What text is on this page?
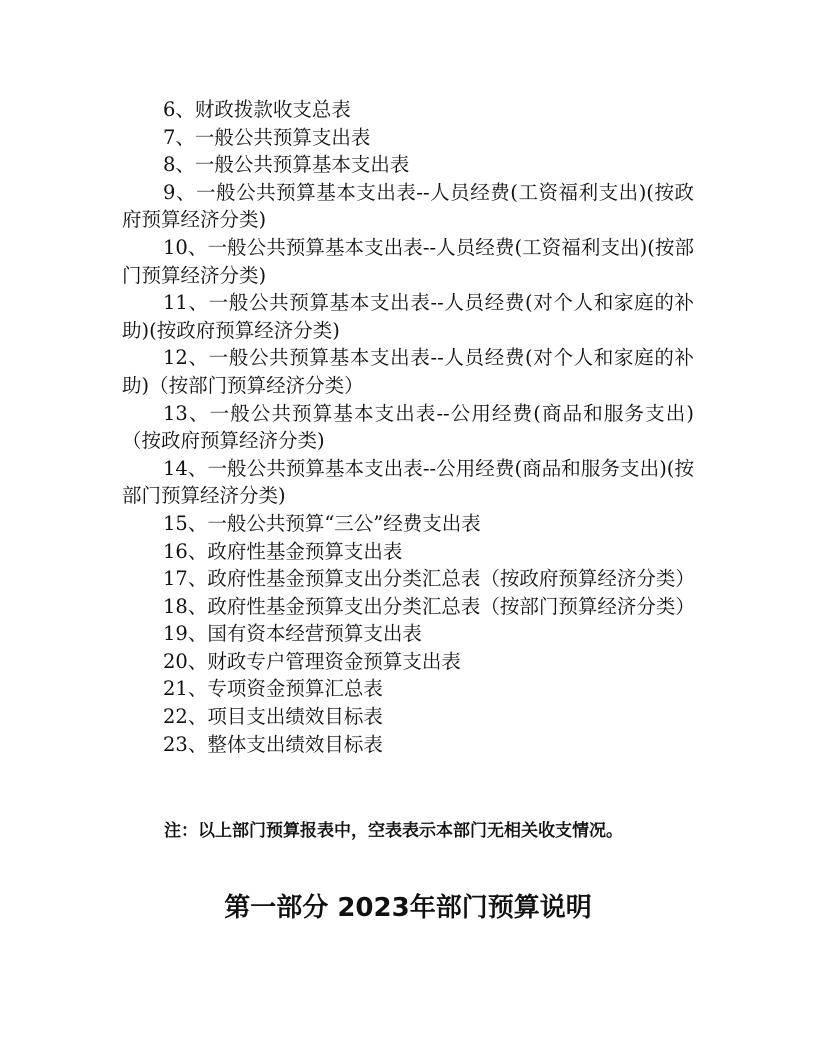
6、财政拨款收支总表
7、一般公共预算支出表
8、一般公共预算基本支出表
9、一般公共预算基本支出表--人员经费(工资福利支出)(按政府预算经济分类)
10、一般公共预算基本支出表--人员经费(工资福利支出)(按部门预算经济分类)
11、一般公共预算基本支出表--人员经费(对个人和家庭的补助)(按政府预算经济分类)
12、一般公共预算基本支出表--人员经费(对个人和家庭的补助)（按部门预算经济分类）
13、一般公共预算基本支出表--公用经费(商品和服务支出)（按政府预算经济分类)
14、一般公共预算基本支出表--公用经费(商品和服务支出)(按部门预算经济分类)
15、一般公共预算“三公”经费支出表
16、政府性基金预算支出表
17、政府性基金预算支出分类汇总表（按政府预算经济分类）
18、政府性基金预算支出分类汇总表（按部门预算经济分类）
19、国有资本经营预算支出表
20、财政专户管理资金预算支出表
21、专项资金预算汇总表
22、项目支出绩效目标表
23、整体支出绩效目标表
注：以上部门预算报表中，空表表示本部门无相关收支情况。
第一部分 2023年部门预算说明
